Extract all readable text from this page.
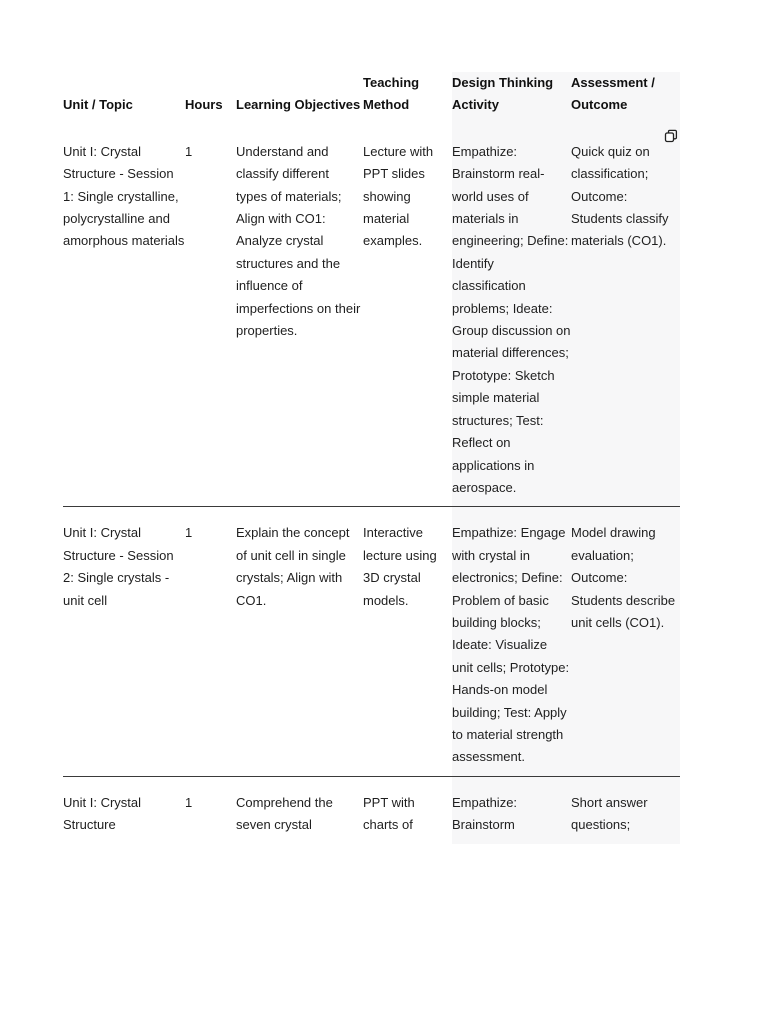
Unit / Topic	Hours	Learning Objectives	Teaching Method	Design Thinking Activity	Assessment / Outcome
Unit I: Crystal Structure - Session 1: Single crystalline, polycrystalline and amorphous materials	1	Understand and classify different types of materials; Align with CO1: Analyze crystal structures and the influence of imperfections on their properties.	Lecture with PPT slides showing material examples.	Empathize: Brainstorm real-world uses of materials in engineering; Define: Identify classification problems; Ideate: Group discussion on material differences; Prototype: Sketch simple material structures; Test: Reflect on applications in aerospace.	Quick quiz on classification; Outcome: Students classify materials (CO1).

Unit I: Crystal Structure - Session 2: Single crystals - unit cell	1	Explain the concept of unit cell in single crystals; Align with CO1.	Interactive lecture using 3D crystal models.	Empathize: Engage with crystal in electronics; Define: Problem of basic building blocks; Ideate: Visualize unit cells; Prototype: Hands-on model building; Test: Apply to material strength assessment.	Model drawing evaluation; Outcome: Students describe unit cells (CO1).
Unit I: Crystal Structure	1	Comprehend the seven crystal	PPT with charts of	Empathize: Brainstorm	Short answer questions;
